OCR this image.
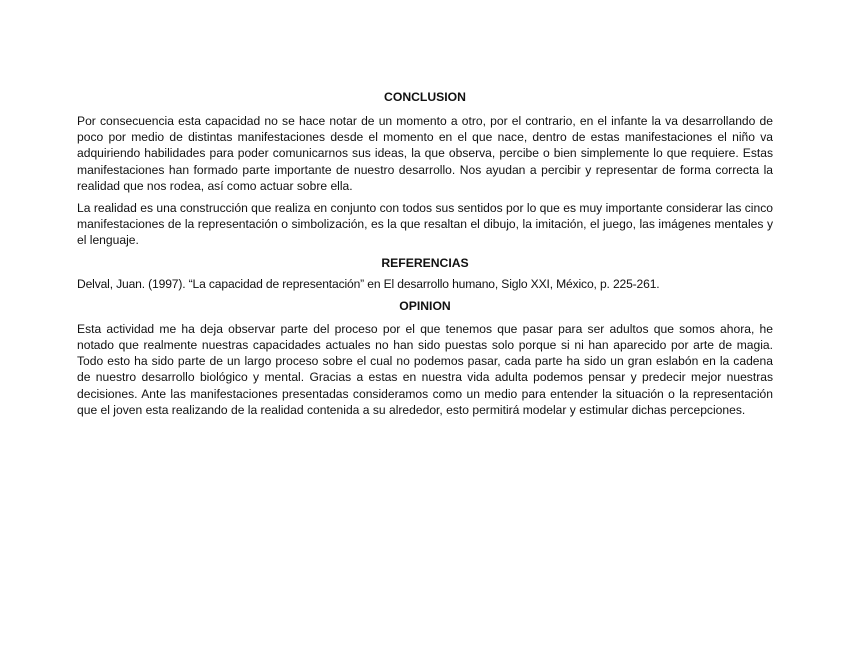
CONCLUSION

Por consecuencia esta capacidad no se hace notar de un momento a otro, por el contrario, en el infante la va desarrollando de poco por medio de distintas manifestaciones desde el momento en el que nace, dentro de estas manifestaciones el niño va adquiriendo habilidades para poder comunicarnos sus ideas, la que observa, percibe o bien simplemente lo que requiere. Estas manifestaciones han formado parte importante de nuestro desarrollo. Nos ayudan a percibir y representar de forma correcta la realidad que nos rodea, así como actuar sobre ella.

La realidad es una construcción que realiza en conjunto con todos sus sentidos por lo que es muy importante considerar las cinco manifestaciones de la representación o simbolización, es la que resaltan el dibujo, la imitación, el juego, las imágenes mentales y el lenguaje.

REFERENCIAS

Delval, Juan. (1997). “La capacidad de representación” en El desarrollo humano, Siglo XXI, México, p. 225-261.

OPINION

Esta actividad me ha deja observar parte del proceso por el que tenemos que pasar para ser adultos que somos ahora, he notado que realmente nuestras capacidades actuales no han sido puestas solo porque si ni han aparecido por arte de magia. Todo esto ha sido parte de un largo proceso sobre el cual no podemos pasar, cada parte ha sido un gran eslabón en la cadena de nuestro desarrollo biológico y mental. Gracias a estas en nuestra vida adulta podemos pensar y predecir mejor nuestras decisiones. Ante las manifestaciones presentadas consideramos como un medio para entender la situación o la representación que el joven esta realizando de la realidad contenida a su alrededor, esto permitirá modelar y estimular dichas percepciones.
